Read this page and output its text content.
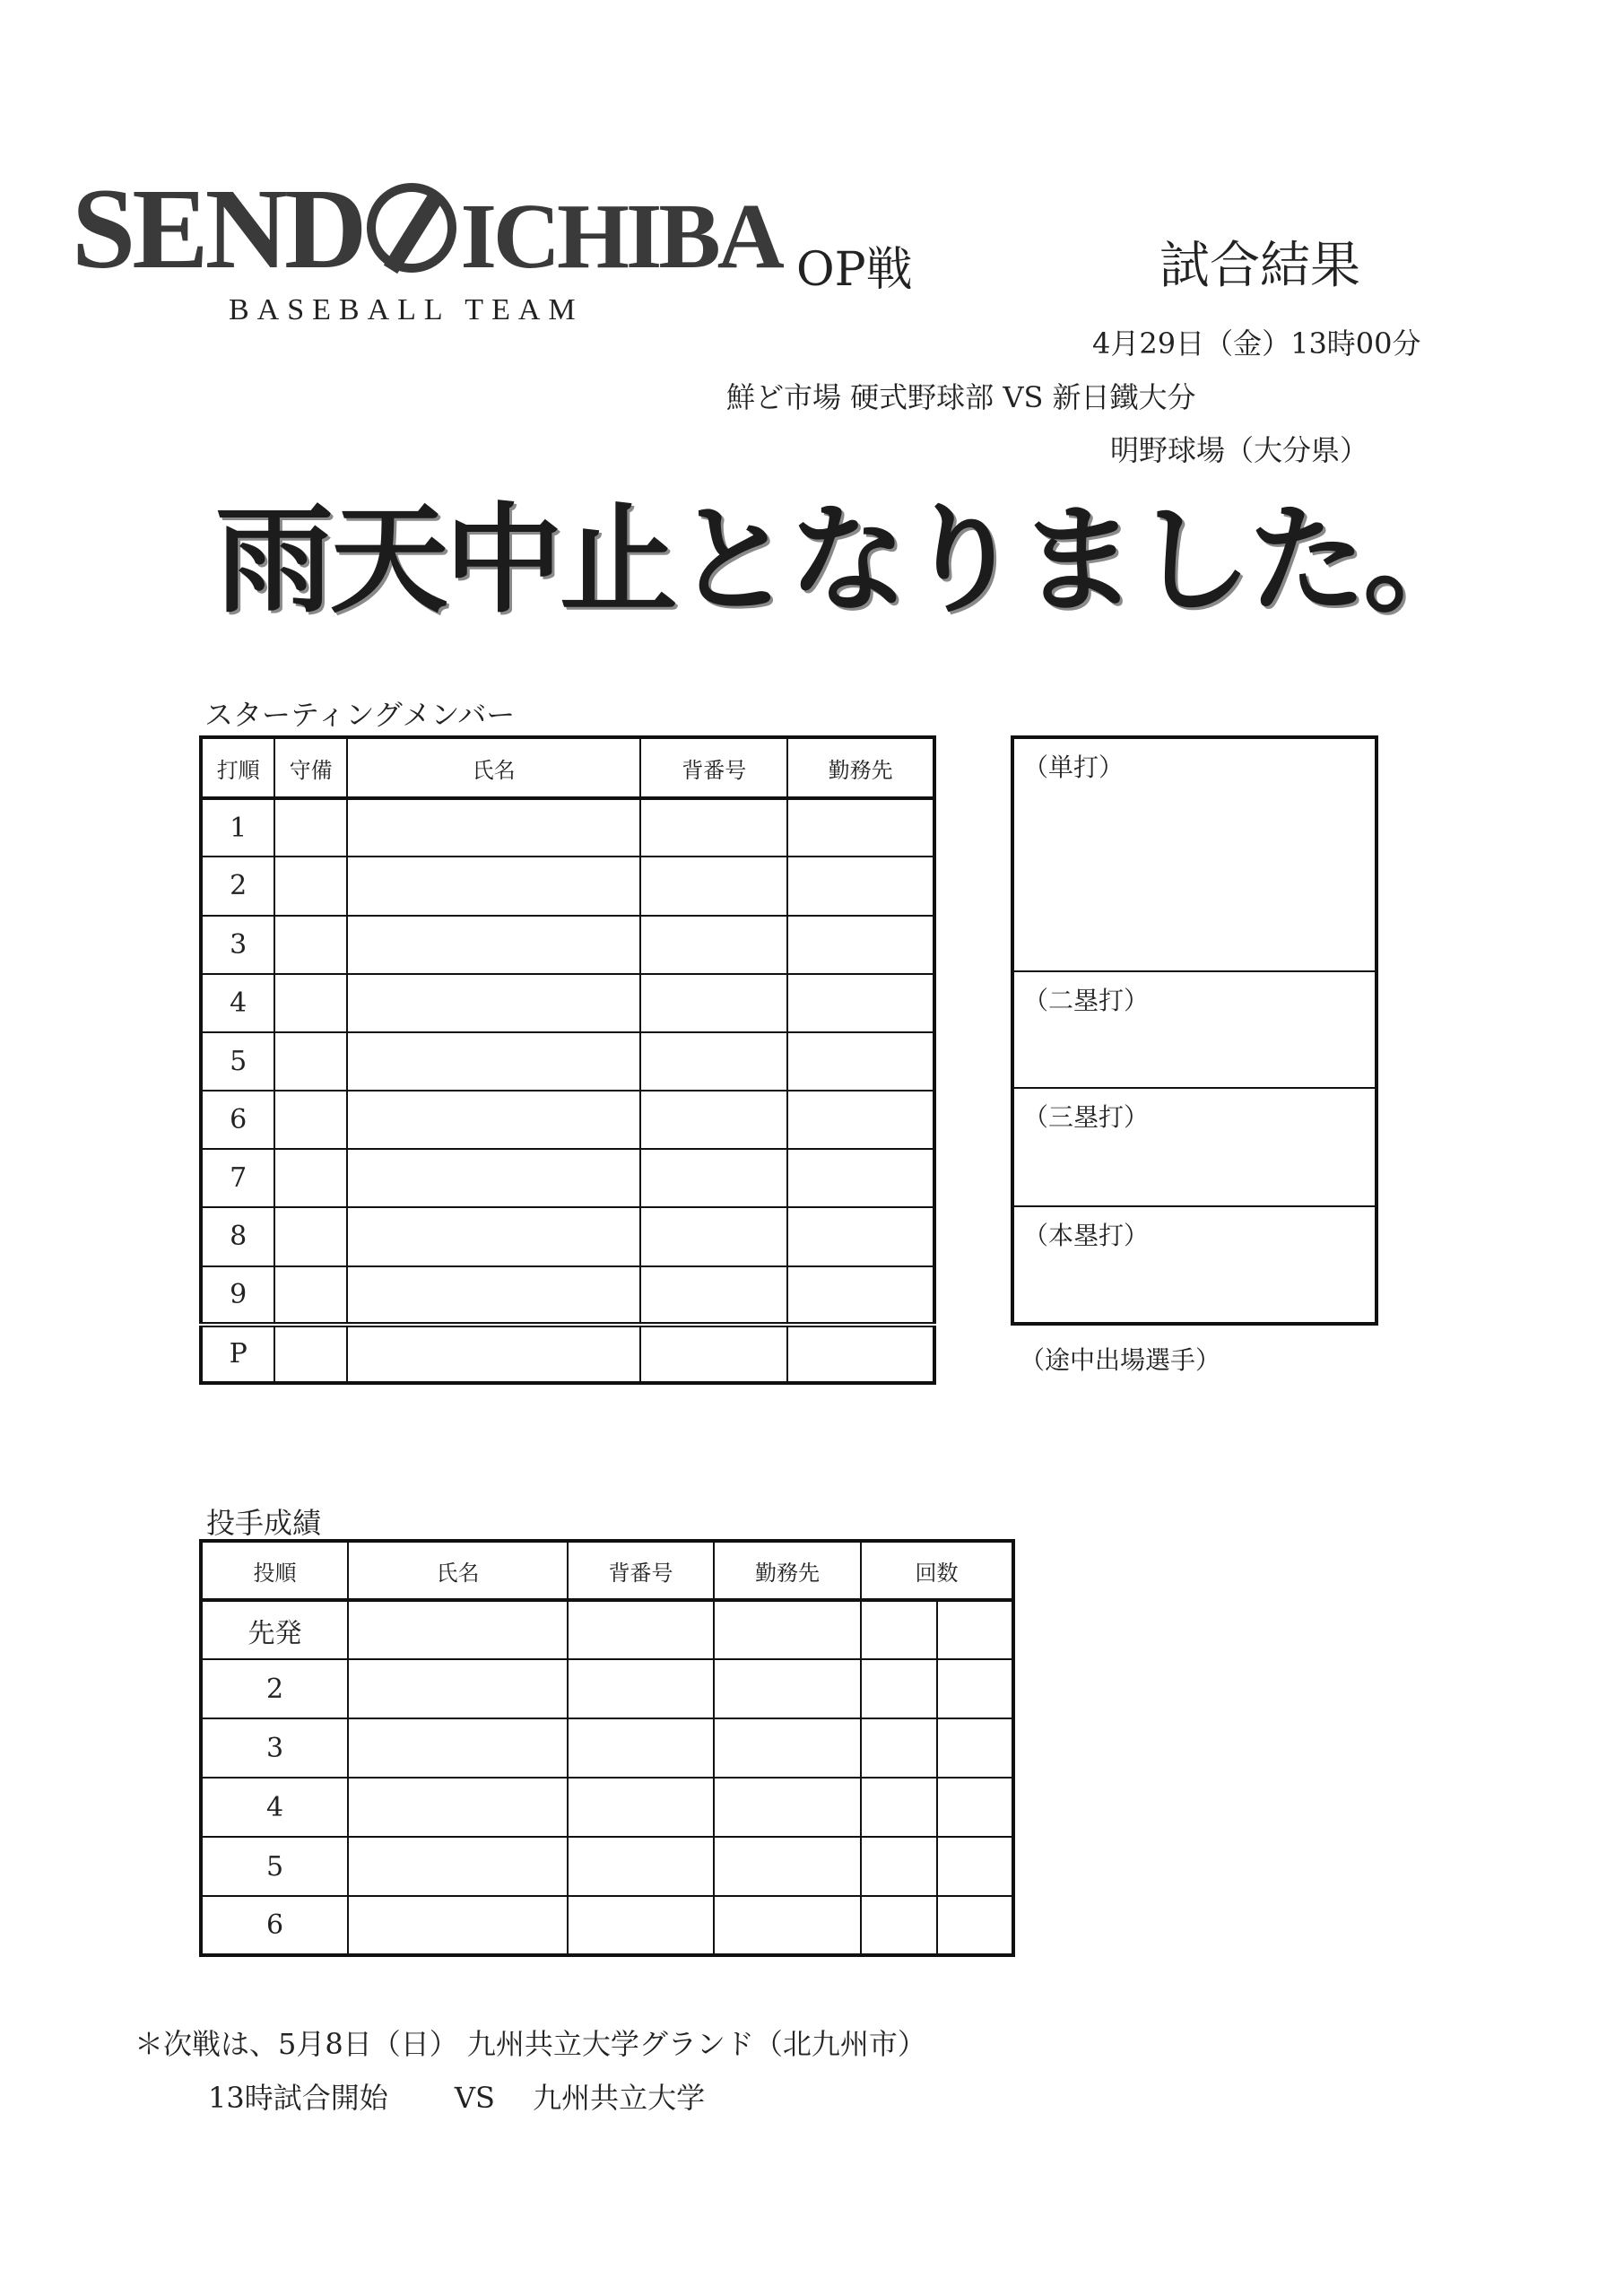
SEND ICHIBA
BASEBALL TEAM
OP戦	試合結果
4月29日（金）13時00分
鮮ど市場 硬式野球部 VS 新日鐵大分
明野球場（大分県）
雨天中止となりました。
スターティングメンバー
打順	守備	氏名	背番号	勤務先
1				
2				
3				
4				
5				
6				
7				
8				
9				
P				
（単打）
（二塁打）
（三塁打）
（本塁打）
（途中出場選手）
投手成績
投順	氏名	背番号	勤務先	回数	
先発					
2					
3					
4					
5					
6					
＊次戦は、5月8日（日） 九州共立大学グランド（北九州市）
13時試合開始 　　VS　 九州共立大学
